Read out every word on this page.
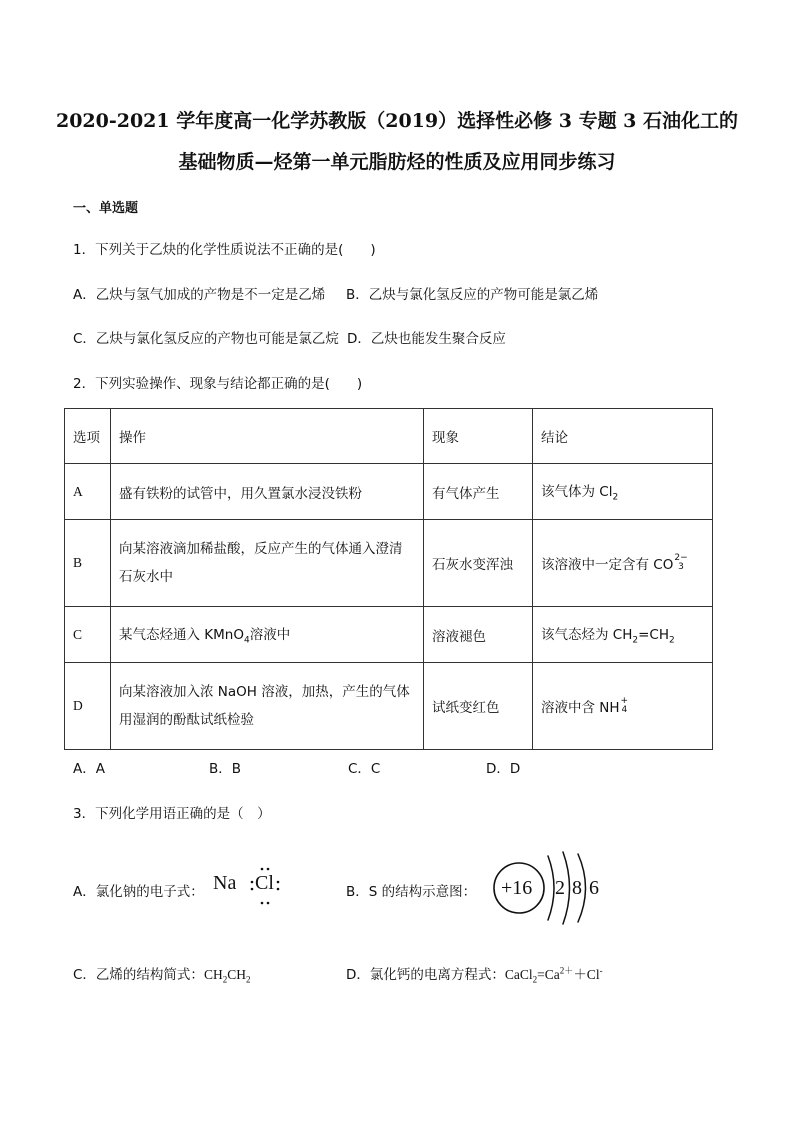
2020-2021 学年度高一化学苏教版（2019）选择性必修 3 专题 3 石油化工的
基础物质—烃第一单元脂肪烃的性质及应用同步练习
一、单选题
1．下列关于乙炔的化学性质说法不正确的是(　　)
A．乙炔与氢气加成的产物是不一定是乙烯 B．乙炔与氯化氢反应的产物可能是氯乙烯
C．乙炔与氯化氢反应的产物也可能是氯乙烷 D．乙炔也能发生聚合反应
2．下列实验操作、现象与结论都正确的是(　　)
选项	操作	现象	结论
A	盛有铁粉的试管中，用久置氯水浸没铁粉	有气体产生	该气体为 $Cl_2$
B	向某溶液滴加稀盐酸，反应产生的气体通入澄清石灰水中	石灰水变浑浊	该溶液中一定含有 CO 2−
3

C	某气态烃通入 KMnO$_4$溶液中	溶液褪色	该气态烃为 $CH_2=CH_2$
D	向某溶液加入浓 NaOH 溶液，加热，产生的气体用湿润的酚酞试纸检验	试纸变红色	溶液中含 NH +
4
A．A	B．B	C．C	D．D
3．下列化学用语正确的是（　）
A．氯化钠的电子式： Na Cl	B．S 的结构示意图： +16 2 8 6
C．乙烯的结构简式：$CH_2CH_2$	D．氯化钙的电离方程式：$CaCl_2=Ca^{2+}+Cl^-$
